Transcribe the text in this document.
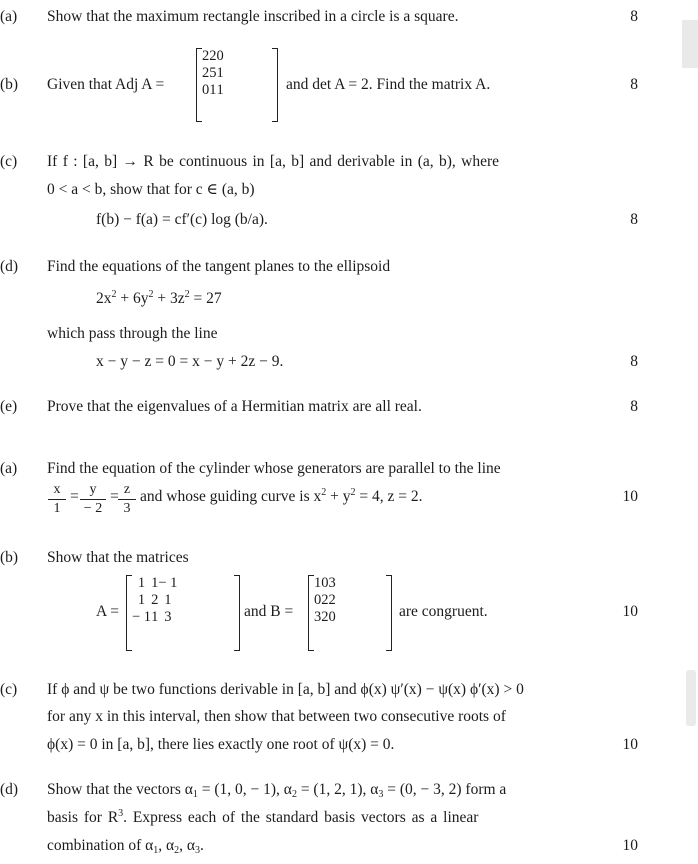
(a) Show that the maximum rectangle inscribed in a circle is a square.	8
(b) Given that Adj A =
2	2	0
2	5	1
0	1	1	and det A = 2. Find the matrix A.	8
(c) If f : [a, b] → R be continuous in [a, b] and derivable in (a, b), where
0 < a < b, show that for c ∈ (a, b)
f(b) − f(a) = cf′(c) log (b/a).	8
(d) Find the equations of the tangent planes to the ellipsoid
$2x^2 + 6y^2 + 3z^2 = 27$
which pass through the line
x − y − z = 0 = x − y + 2z − 9.	8
(e) Prove that the eigenvalues of a Hermitian matrix are all real.	8
(a) Find the equation of the cylinder whose generators are parallel to the line
x
1
= y
− 2
= z
3
and whose guiding curve is $x^2 + y^2 = 4$, z = 2.	10
(b) Show that the matrices
A =
1	1	− 1
1	2	1
− 1	1	3	and B =
1	0	3
0	2	2
3	2	0	are congruent.	10
(c) If ϕ and ψ be two functions derivable in [a, b] and ϕ(x) ψ′(x) − ψ(x) ϕ′(x) > 0
for any x in this interval, then show that between two consecutive roots of
ϕ(x) = 0 in [a, b], there lies exactly one root of ψ(x) = 0.	10
(d) Show that the vectors $\alpha_1 = (1$, 0, − 1), $\alpha_2 = (1$, 2, 1), $\alpha_3 = (0$, − 3, 2) form a
basis for $R^3$. Express each of the standard basis vectors as a linear
combination of $\alpha_1$, $\alpha_2$, $\alpha_3$.	10
